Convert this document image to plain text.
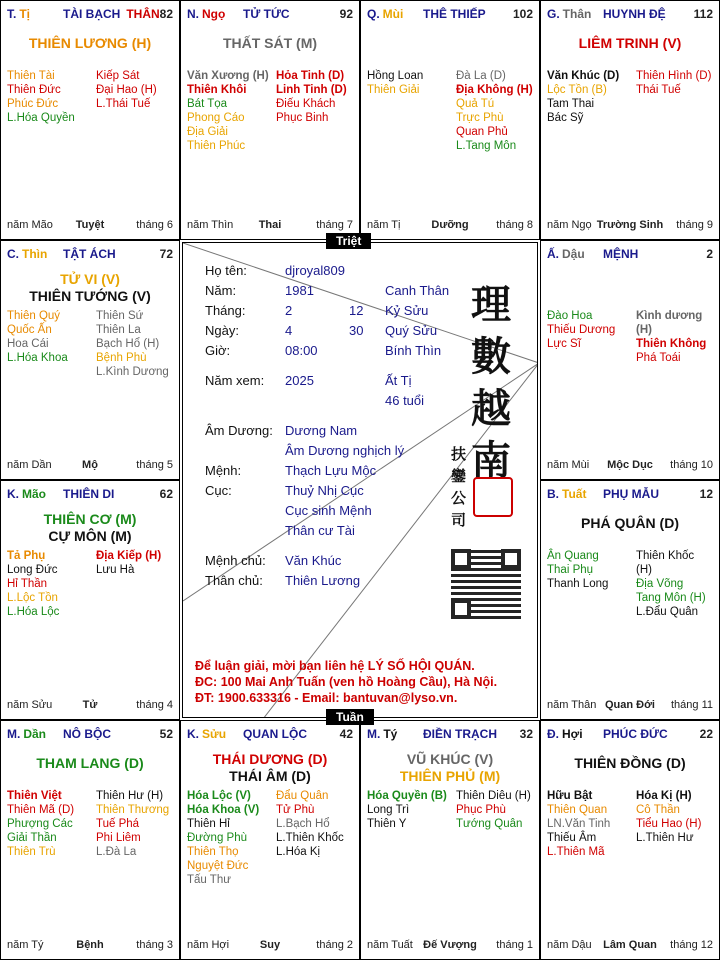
T. Tị	TÀI BẠCH THÂN 82
THIÊN LƯƠNG (H)
Thiên Tài
Thiên Đức
Phúc Đức
L.Hóa Quyền
Kiếp Sát
Đại Hao (H)
L.Thái Tuế
Tuyệt
năm Mão	tháng 6
N. Ngọ TỬ TỨC	92
THẤT SÁT (M)
Văn Xương (H)
Thiên Khôi
Bát Tọa
Phong Cáo
Địa Giải
Thiên Phúc
Hỏa Tinh (D)
Linh Tinh (D)
Điếu Khách
Phục Binh
Thai
năm Thìn	tháng 7
Q. Mùi THÊ THIẾP 102
Hồng Loan
Thiên Giải
Đà La (D)
Địa Không (H)
Quả Tú
Trực Phù
Quan Phủ
L.Tang Môn
Dưỡng
năm Tị	tháng 8
G. Thân HUYNH ĐỆ 112
LIÊM TRINH (V)
Văn Khúc (D)
Lộc Tồn (B)
Tam Thai
Bác Sỹ
Thiên Hình (D)
Thái Tuế
Trường Sinh
năm Ngọ	tháng 9
Ấ. Dậu MỆNH	2
Đào Hoa
Thiếu Dương
Lực Sĩ
Kình dương (H)
Thiên Không
Phá Toái
Mộc Dục
năm Mùi	tháng 10
B. Tuất PHỤ MẪU	12
PHÁ QUÂN (D)
Ân Quang
Thai Phụ
Thanh Long
Thiên Khốc (H)
Địa Võng
Tang Môn (H)
L.Đẩu Quân
Quan Đới
năm Thân	tháng 11
Đ. Hợi PHÚC ĐỨC	22
THIÊN ĐỒNG (D)
Hữu Bật
Thiên Quan
LN.Văn Tinh
Thiếu Âm
L.Thiên Mã
Hóa Kị (H)
Cô Thần
Tiểu Hao (H)
L.Thiên Hư
Lâm Quan
năm Dậu	tháng 12
M. Tý ĐIỀN TRẠCH 32
VŨ KHÚC (V)
THIÊN PHỦ (M)
Hóa Quyền (B)
Long Trì
Thiên Y
Thiên Diêu (H)
Phục Phù
Tướng Quân
Đế Vượng
năm Tuất	tháng 1
K. Sửu QUAN LỘC	42
THÁI DƯƠNG (D)
THÁI ÂM (D)
Hóa Lộc (V)
Hóa Khoa (V)
Thiên Hỉ
Đường Phù
Thiên Thọ
Nguyệt Đức
Tấu Thư
Đẩu Quân
Tử Phù
L.Bạch Hổ
L.Thiên Khốc
L.Hóa Kị
Suy
năm Hợi	tháng 2
M. Dần NÔ BỘC	52
THAM LANG (D)
Thiên Việt
Thiên Mã (D)
Phượng Các
Giải Thần
Thiên Trù
Thiên Hư (H)
Thiên Thương
Tuế Phá
Phi Liêm
L.Đà La
Bệnh
năm Tý	tháng 3
K. Mão THIÊN DI	62
THIÊN CƠ (M)
CỰ MÔN (M)
Tả Phụ
Long Đức
Hỉ Thần
L.Lộc Tồn
L.Hóa Lộc
Địa Kiếp (H)
Lưu Hà
Tử
năm Sửu	tháng 4
C. Thìn TẬT ÁCH	72
TỬ VI (V)
THIÊN TƯỚNG (V)
Thiên Quý
Quốc Ấn
Hoa Cái
L.Hóa Khoa
Thiên Sứ
Thiên La
Bạch Hổ (H)
Bệnh Phù
L.Kình Dương
Mộ
năm Dần	tháng 5
Họ tên:	djroyal809
Năm:	1981	Canh Thân
Tháng:	2	12 Kỷ Sửu
Ngày:	4	30 Quý Sửu
Giờ:	08:00	Bính Thìn
Năm xem: 2025	Ất Tị
46 tuổi
Âm Dương: Dương Nam
Âm Dương nghịch lý
Mệnh:	Thạch Lựu Mộc
Cục:	Thuỷ Nhị Cục
Cục sinh Mệnh
Thân cư Tài
Mệnh chủ: Văn Khúc
Thân chủ: Thiên Lương
理
數
越
南
扶
鑾
公
司
Để luận giải, mời bạn liên hệ LÝ SỐ HỘI QUÁN.
ĐC: 100 Mai Anh Tuấn (ven hồ Hoàng Cầu), Hà Nội.
ĐT: 1900.633316 - Email: bantuvan@lyso.vn.
Triệt
Tuần
